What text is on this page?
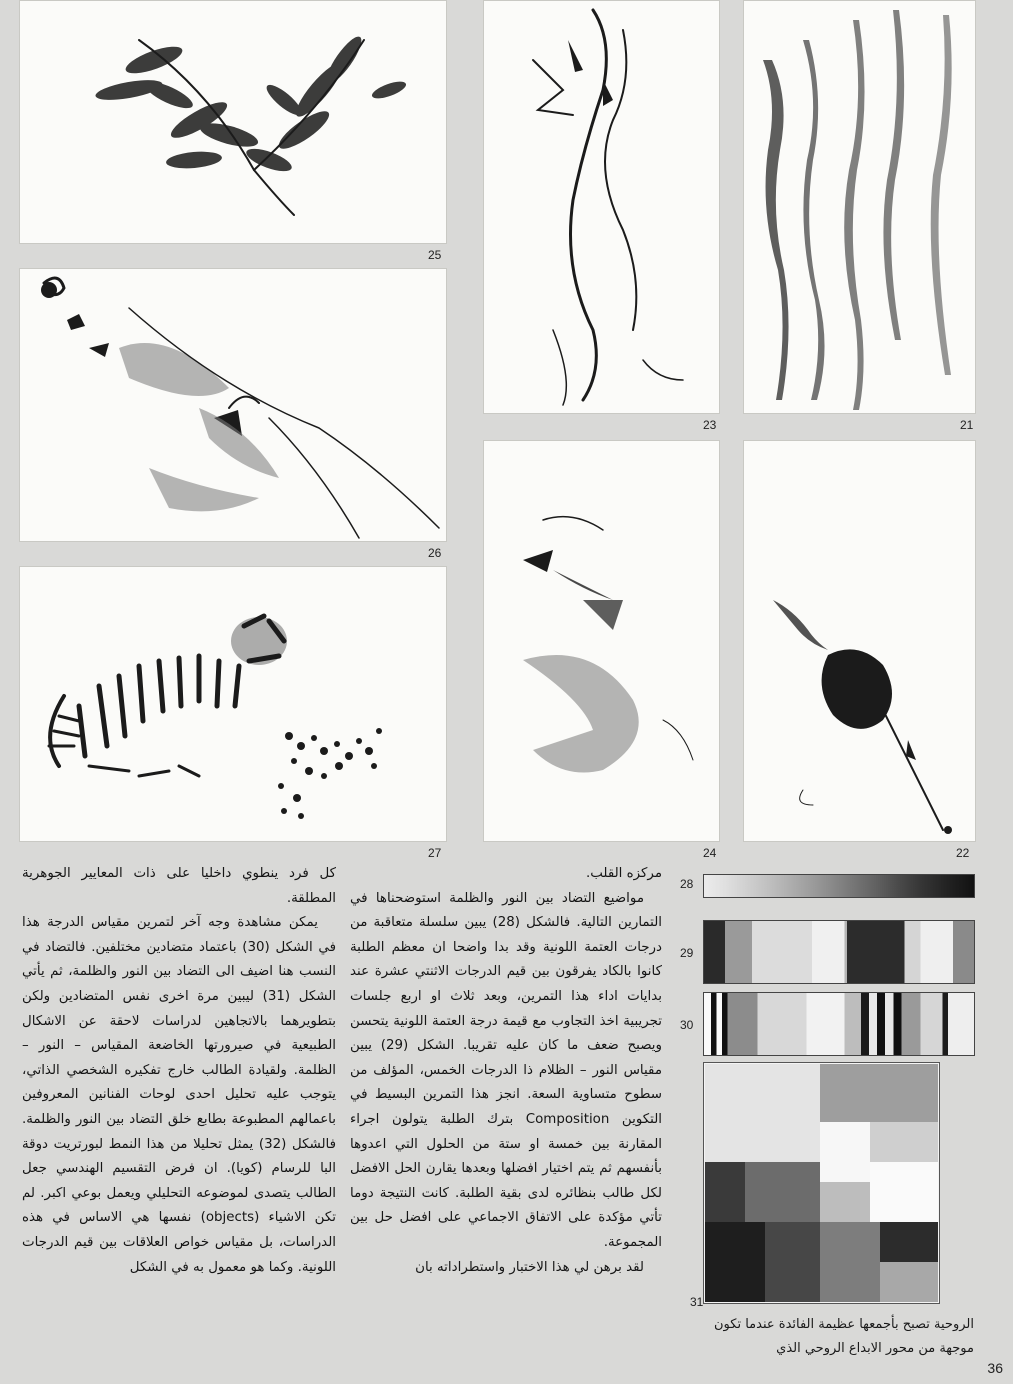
25
26
27
23	21
24	22
28
29
30
31

الروحية تصبح بأجمعها عظيمة الفائدة عندما تكون موجهة من محور الابداع الروحي الذي

مركزه القلب.

مواضيع التضاد بين النور والظلمة استوضحناها في التمارين التالية. فالشكل (28) يبين سلسلة متعاقبة من درجات العتمة اللونية وقد بدا واضحا ان معظم الطلبة كانوا بالكاد يفرقون بين قيم الدرجات الاثنتي عشرة عند بدايات اداء هذا التمرين، وبعد ثلاث او اربع جلسات تجريبية اخذ التجاوب مع قيمة درجة العتمة اللونية يتحسن ويصبح ضعف ما كان عليه تقريبا. الشكل (29) يبين مقياس النور – الظلام ذا الدرجات الخمس، المؤلف من سطوح متساوية السعة. انجز هذا التمرين البسيط في التكوين Composition بترك الطلبة يتولون اجراء المقارنة بين خمسة او ستة من الحلول التي اعدوها بأنفسهم ثم يتم اختيار افضلها وبعدها يقارن الحل الافضل لكل طالب بنظائره لدى بقية الطلبة. كانت النتيجة دوما تأتي مؤكدة على الاتفاق الاجماعي على افضل حل بين المجموعة.

لقد برهن لي هذا الاختبار واستطراداته بان

كل فرد ينطوي داخليا على ذات المعايير الجوهرية المطلقة.

يمكن مشاهدة وجه آخر لتمرين مقياس الدرجة هذا في الشكل (30) باعتماد متضادين مختلفين. فالتضاد في النسب هنا اضيف الى التضاد بين النور والظلمة، ثم يأتي الشكل (31) ليبين مرة اخرى نفس المتضادين ولكن بتطويرهما بالاتجاهين لدراسات لاحقة عن الاشكال الطبيعية في صيرورتها الخاضعة المقياس – النور – الظلمة. ولقيادة الطالب خارج تفكيره الشخصي الذاتي، يتوجب عليه تحليل احدى لوحات الفنانين المعروفين باعمالهم المطبوعة بطابع خلق التضاد بين النور والظلمة. فالشكل (32) يمثل تحليلا من هذا النمط لبورتريت دوقة البا للرسام (كويا). ان فرض التقسيم الهندسي جعل الطالب يتصدى لموضوعه التحليلي ويعمل بوعي اكبر. لم تكن الاشياء (objects) نفسها هي الاساس في هذه الدراسات، بل مقياس خواص العلاقات بين قيم الدرجات اللونية. وكما هو معمول به في الشكل

36
